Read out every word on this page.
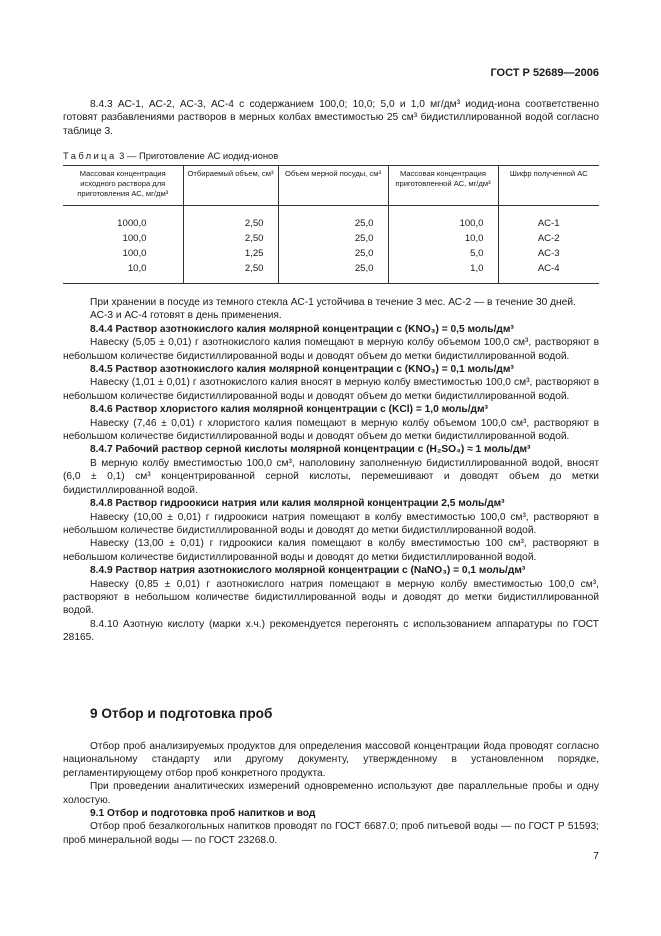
ГОСТ Р 52689—2006

8.4.3 АС-1, АС-2, АС-3, АС-4 с содержанием 100,0; 10,0; 5,0 и 1,0 мг/дм³ иодид-иона соответственно готовят разбавлениями растворов в мерных колбах вместимостью 25 см³ бидистиллированной водой согласно таблице 3.

Таблица 3 — Приготовление АС иодид-ионов
Массовая концентрация исходного раствора для приготовления АС, мг/дм³	Отбираемый объем, см³	Объем мерной посуды, см³	Массовая концентрация приготовленной АС, мг/дм³	Шифр полученной АС
1000,0	2,50	25,0	100,0	АС-1
100,0	2,50	25,0	10,0	АС-2
100,0	1,25	25,0	5,0	АС-3
10,0	2,50	25,0	1,0	АС-4

При хранении в посуде из темного стекла АС-1 устойчива в течение 3 мес. АС-2 — в течение 30 дней.

АС-3 и АС-4 готовят в день применения.

8.4.4 Раствор азотнокислого калия молярной концентрации c (KNO₃) = 0,5 моль/дм³

Навеску (5,05 ± 0,01) г азотнокислого калия помещают в мерную колбу объемом 100,0 см³, растворяют в небольшом количестве бидистиллированной воды и доводят объем до метки бидистиллированной водой.

8.4.5 Раствор азотнокислого калия молярной концентрации c (KNO₃) = 0,1 моль/дм³

Навеску (1,01 ± 0,01) г азотнокислого калия вносят в мерную колбу вместимостью 100,0 см³, растворяют в небольшом количестве бидистиллированной воды и доводят объем до метки бидистиллированной водой.

8.4.6 Раствор хлористого калия молярной концентрации c (KCl) = 1,0 моль/дм³

Навеску (7,46 ± 0,01) г хлористого калия помещают в мерную колбу объемом 100,0 см³, растворяют в небольшом количестве бидистиллированной воды и доводят объем до метки бидистиллированной водой.

8.4.7 Рабочий раствор серной кислоты молярной концентрации c (H₂SO₄) ≈ 1 моль/дм³

В мерную колбу вместимостью 100,0 см³, наполовину заполненную бидистиллированной водой, вносят (6,0 ± 0,1) см³ концентрированной серной кислоты, перемешивают и доводят объем до метки бидистиллированной водой.

8.4.8 Раствор гидроокиси натрия или калия молярной концентрации 2,5 моль/дм³

Навеску (10,00 ± 0,01) г гидроокиси натрия помещают в колбу вместимостью 100,0 см³, растворяют в небольшом количестве бидистиллированной воды и доводят до метки бидистиллированной водой.

Навеску (13,00 ± 0,01) г гидроокиси калия помещают в колбу вместимостью 100 см³, растворяют в небольшом количестве бидистиллированной воды и доводят до метки бидистиллированной водой.

8.4.9 Раствор натрия азотнокислого молярной концентрации c (NaNO₃) = 0,1 моль/дм³

Навеску (0,85 ± 0,01) г азотнокислого натрия помещают в мерную колбу вместимостью 100,0 см³, растворяют в небольшом количестве бидистиллированной воды и доводят до метки бидистиллированной водой.

8.4.10 Азотную кислоту (марки х.ч.) рекомендуется перегонять с использованием аппаратуры по ГОСТ 28165.

9 Отбор и подготовка проб

Отбор проб анализируемых продуктов для определения массовой концентрации йода проводят согласно национальному стандарту или другому документу, утвержденному в установленном порядке, регламентирующему отбор проб конкретного продукта.

При проведении аналитических измерений одновременно используют две параллельные пробы и одну холостую.

9.1 Отбор и подготовка проб напитков и вод

Отбор проб безалкогольных напитков проводят по ГОСТ 6687.0; проб питьевой воды — по ГОСТ Р 51593; проб минеральной воды — по ГОСТ 23268.0.

7
